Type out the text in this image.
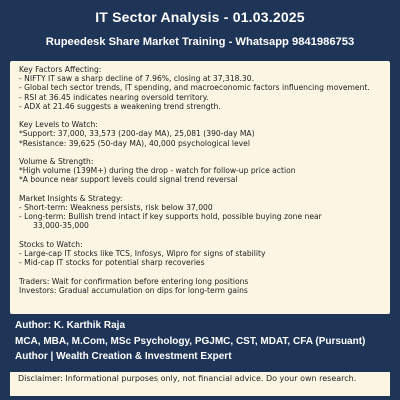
IT Sector Analysis - 01.03.2025
Rupeedesk Share Market Training - Whatsapp 9841986753

Key Factors Affecting:

- NIFTY IT saw a sharp decline of 7.96%, closing at 37,318.30.

- Global tech sector trends, IT spending, and macroeconomic factors influencing movement.

- RSI at 36.45 indicates nearing oversold territory.

- ADX at 21.46 suggests a weakening trend strength.

Key Levels to Watch:

*Support: 37,000, 33,573 (200-day MA), 25,081 (390-day MA)

*Resistance: 39,625 (50-day MA), 40,000 psychological level

Volume & Strength:

*High volume (139M+) during the drop - watch for follow-up price action

*A bounce near support levels could signal trend reversal

Market Insights & Strategy:

- Short-term: Weakness persists, risk below 37,000

- Long-term: Bullish trend intact if key supports hold, possible buying zone near

33,000-35,000

Stocks to Watch:

- Large-cap IT stocks like TCS, Infosys, Wipro for signs of stability

- Mid-cap IT stocks for potential sharp recoveries

Traders: Wait for confirmation before entering long positions

Investors: Gradual accumulation on dips for long-term gains

Author: K. Karthik Raja

MCA, MBA, M.Com, MSc Psychology, PGJMC, CST, MDAT, CFA (Pursuant)

Author | Wealth Creation & Investment Expert

Disclaimer: Informational purposes only, not financial advice. Do your own research.
